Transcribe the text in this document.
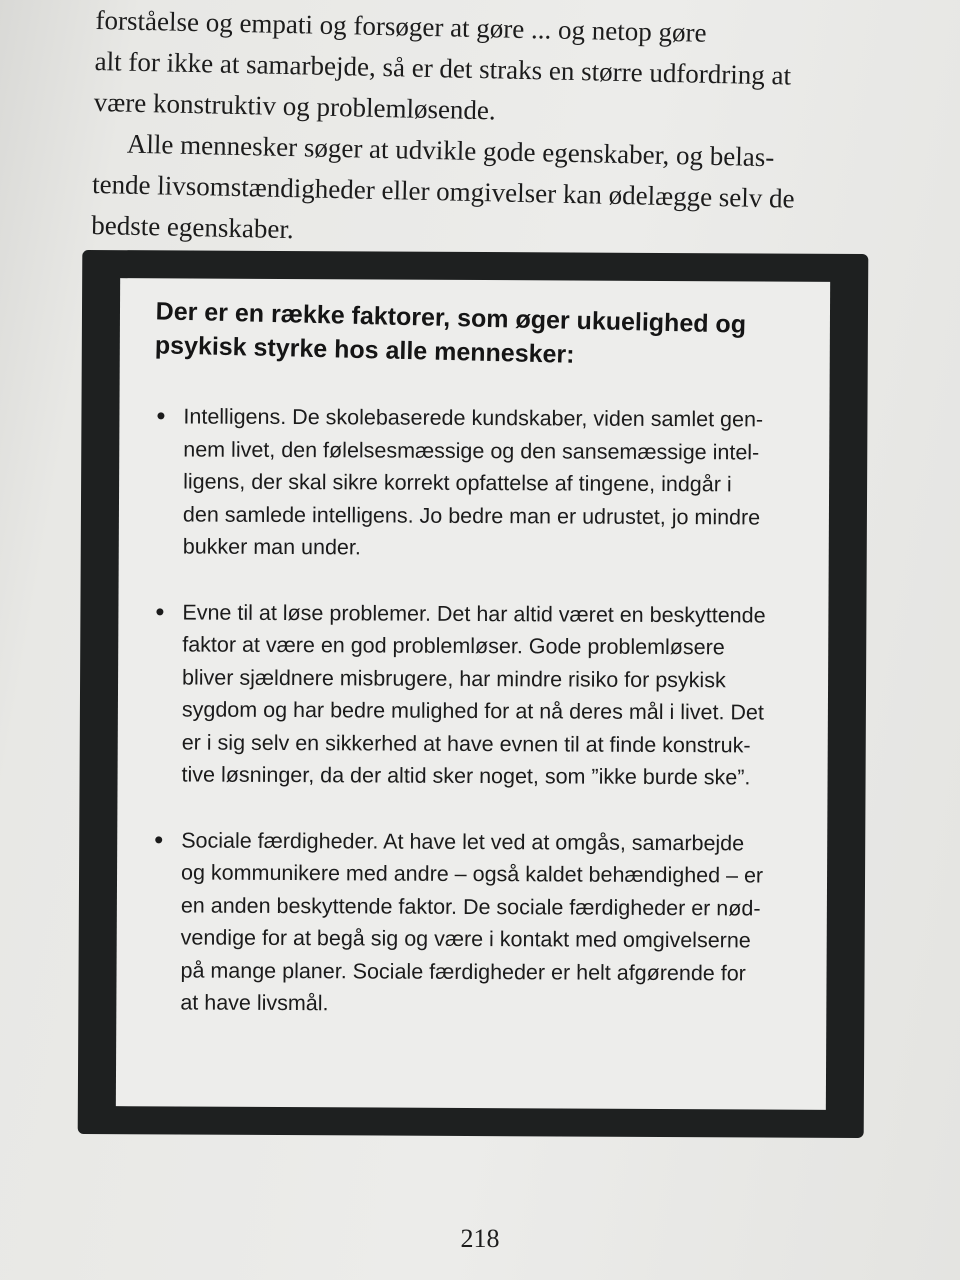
forståelse og empati og forsøger at gøre ... og netop gøre
alt for ikke at samarbejde, så er det straks en større udfordring at
være konstruktiv og problemløsende.
Alle mennesker søger at udvikle gode egenskaber, og belas-
tende livsomstændigheder eller omgivelser kan ødelægge selv de
bedste egenskaber.
Der er en række faktorer, som øger ukuelighed og
psykisk styrke hos alle mennesker:
Intelligens. De skolebaserede kundskaber, viden samlet gen-
nem livet, den følelsesmæssige og den sansemæssige intel-
ligens, der skal sikre korrekt opfattelse af tingene, indgår i
den samlede intelligens. Jo bedre man er udrustet, jo mindre
bukker man under.
Evne til at løse problemer. Det har altid været en beskyttende
faktor at være en god problemløser. Gode problemløsere
bliver sjældnere misbrugere, har mindre risiko for psykisk
sygdom og har bedre mulighed for at nå deres mål i livet. Det
er i sig selv en sikkerhed at have evnen til at finde konstruk-
tive løsninger, da der altid sker noget, som ”ikke burde ske”.
Sociale færdigheder. At have let ved at omgås, samarbejde
og kommunikere med andre – også kaldet behændighed – er
en anden beskyttende faktor. De sociale færdigheder er nød-
vendige for at begå sig og være i kontakt med omgivelserne
på mange planer. Sociale færdigheder er helt afgørende for
at have livsmål.
218
